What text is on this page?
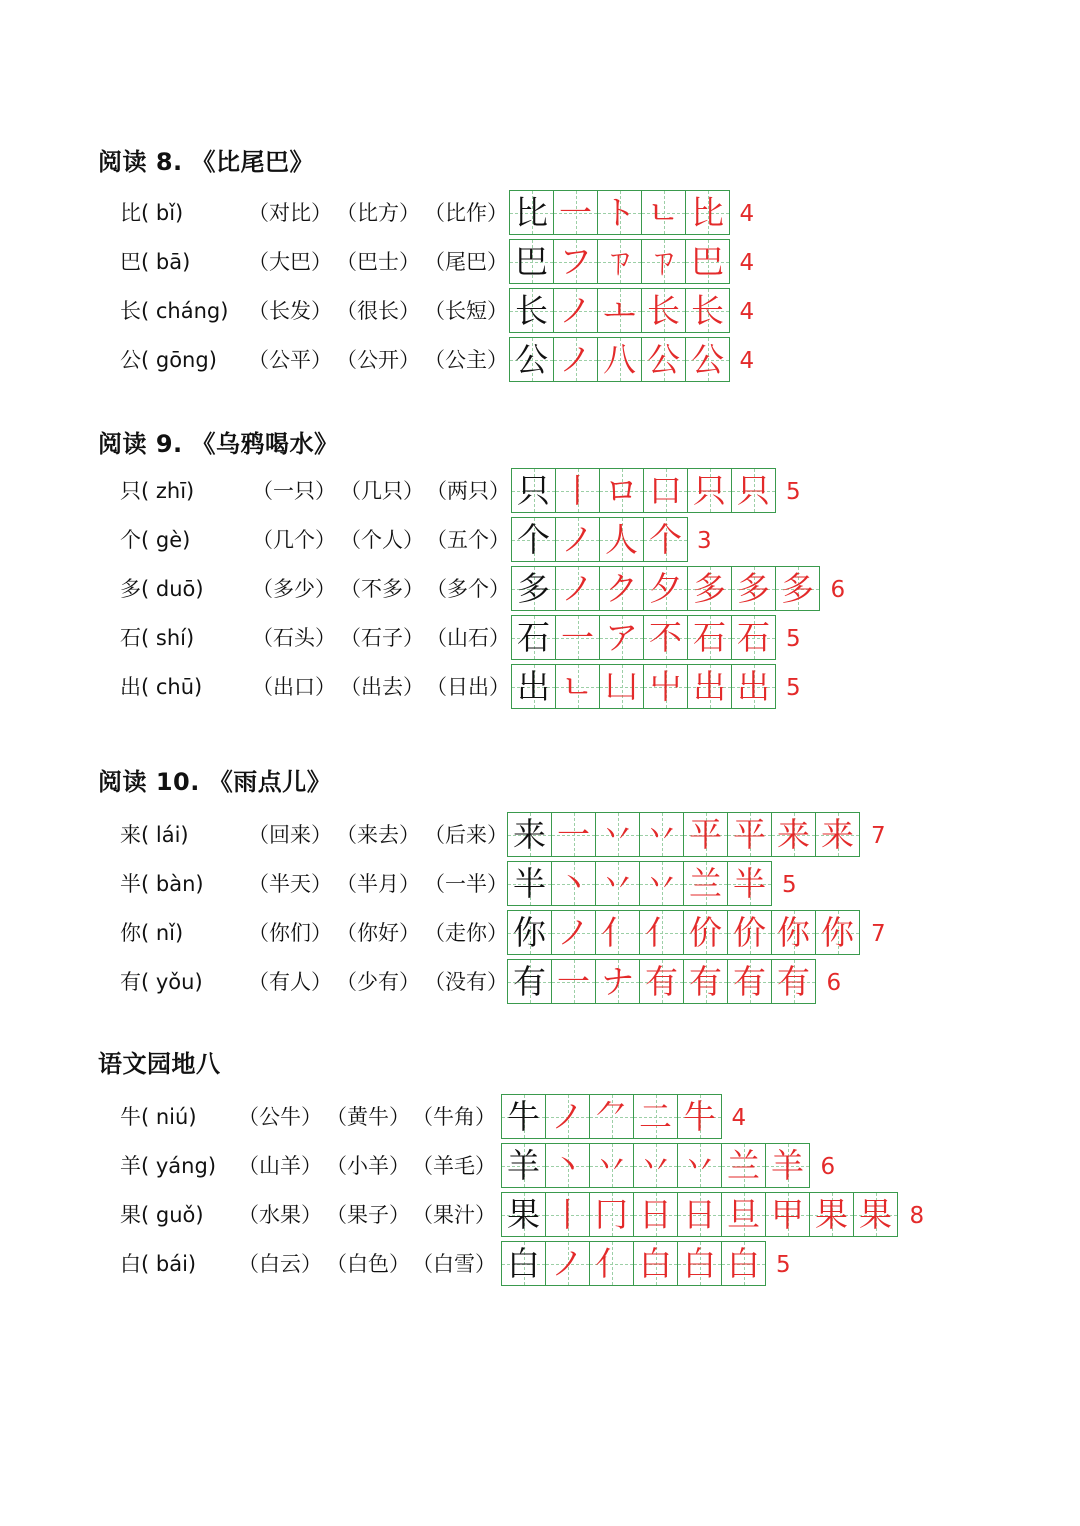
阅读 8. 《比尾巴》
比( bǐ)	（对比） （比方） （比作） 比 一 ト ㄴ 比 4
巴( bā)	（大巴） （巴士） （尾巴） 巴 フ ㄗ ㄗ 巴 4
长( cháng) （长发） （很长） （长短） 长 ノ ㅗ 长 长 4
公( gōng) （公平） （公开） （公主） 公 ノ 八 公 公 4
阅读 9. 《乌鸦喝水》
只( zhī)	（一只） （几只） （两只） 只 丨 ロ 口 只 只 5
个( gè)	（几个） （个人） （五个） 个 ノ 人 个 3
多( duō) （多少） （不多） （多个） 多 ノ ク 夕 多 多 多 6
石( shí)	（石头） （石子） （山石） 石 一 ア 不 石 石 5
出( chū) （出口） （出去） （日出） 出 ㄴ 凵 屮 出 出 5
阅读 10. 《雨点儿》
来( lái)	（回来） （来去） （后来） 来 一 丷 丷 平 平 来 来 7
半( bàn) （半天） （半月） （一半） 半 丶 丷 丷 兰 半 5
你( nǐ)	（你们） （你好） （走你） 你 ノ 亻 亻 价 价 你 你 7
有( yǒu) （有人） （少有） （没有） 有 一 ナ 有 有 有 有 6
语文园地八
牛( niú) （公牛） （黄牛） （牛角） 牛 ノ ⺈ 二 牛 4
羊( yáng) （山羊） （小羊） （羊毛） 羊 丶 丷 丷 丷 兰 羊 6
果( guǒ) （水果） （果子） （果汁） 果 丨 冂 日 日 旦 甲 果 果 8
白( bái) （白云） （白色） （白雪） 白 ノ 亻 白 白 白 5
